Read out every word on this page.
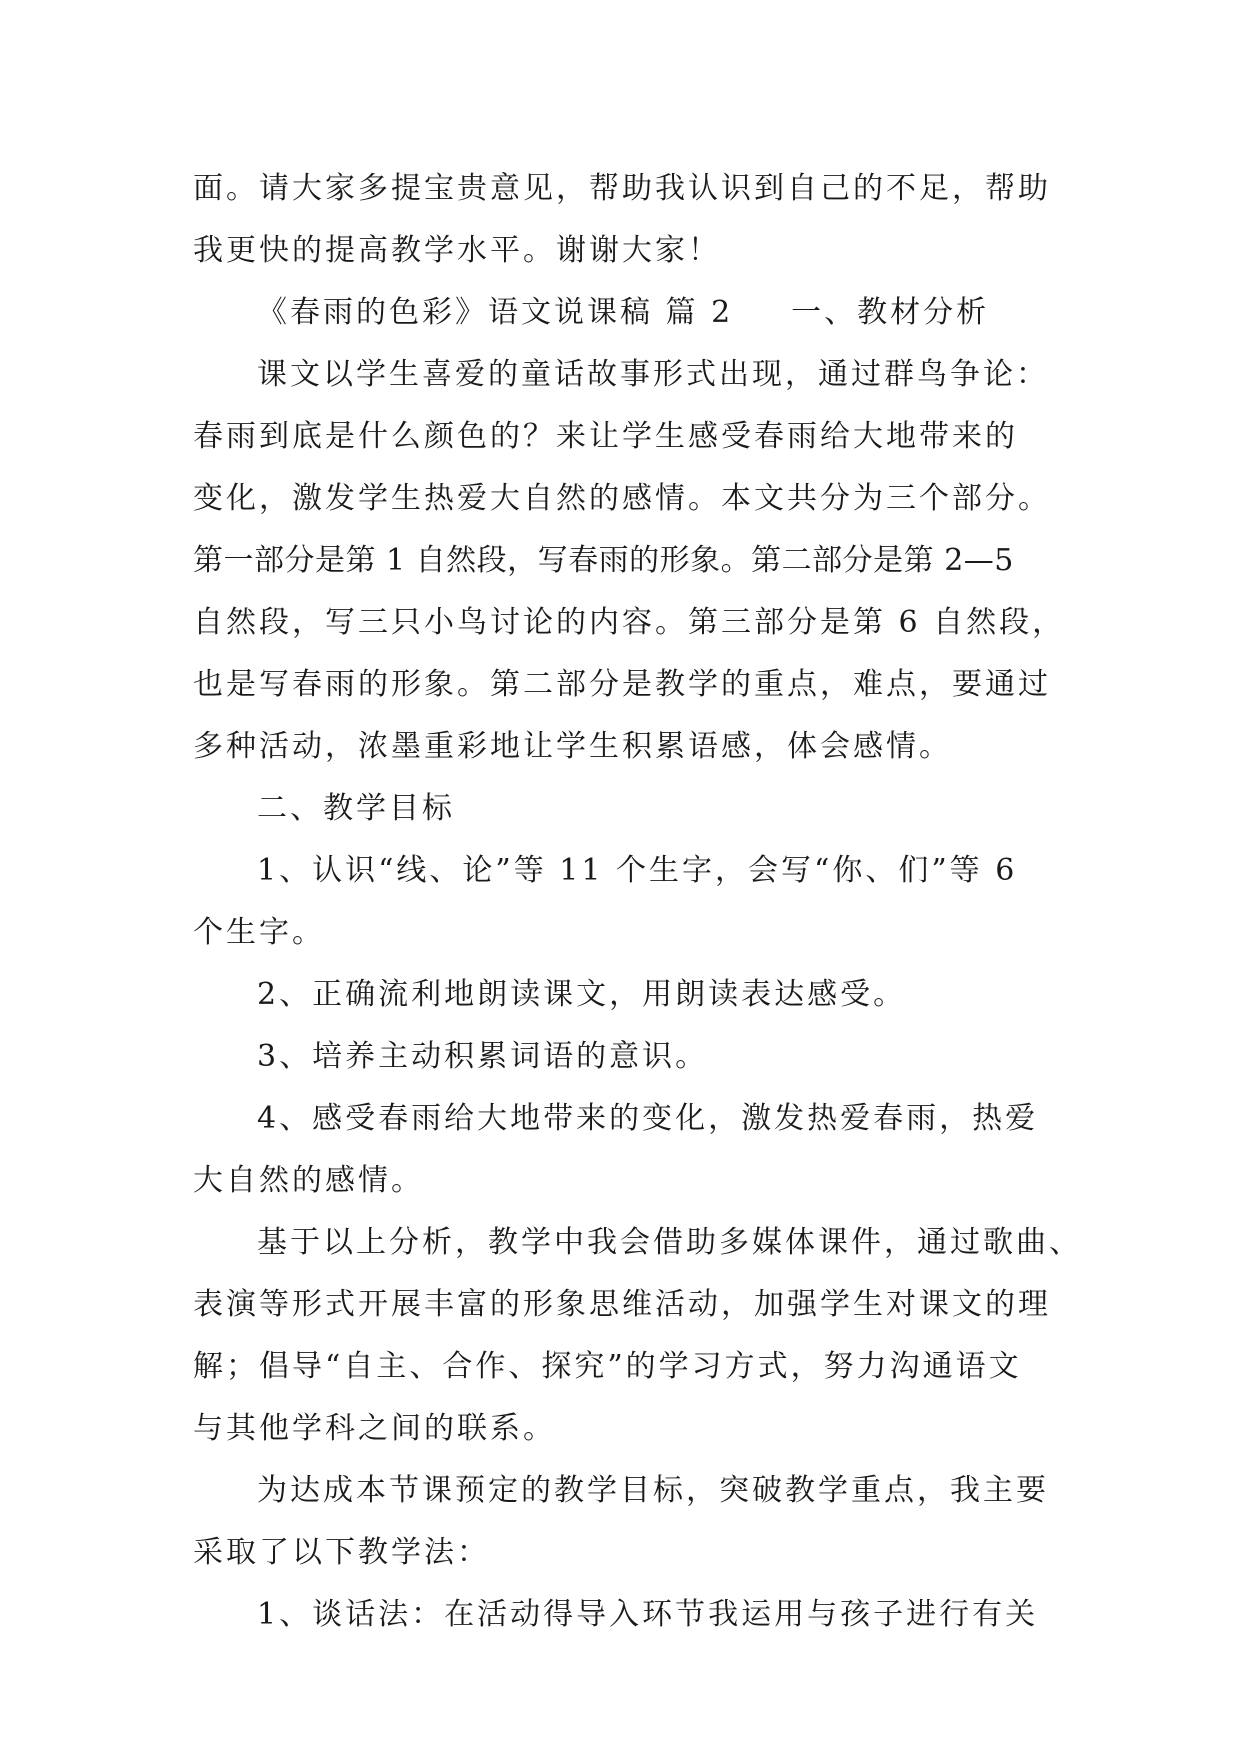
面。请大家多提宝贵意见，帮助我认识到自己的不足，帮助
我更快的提高教学水平。谢谢大家！
《春雨的色彩》语文说课稿 篇 2 一、教材分析
课文以学生喜爱的童话故事形式出现，通过群鸟争论：
春雨到底是什么颜色的？来让学生感受春雨给大地带来的
变化，激发学生热爱大自然的感情。本文共分为三个部分。
第一部分是第 1 自然段，写春雨的形象。第二部分是第 2—5
自然段，写三只小鸟讨论的内容。第三部分是第 6 自然段，
也是写春雨的形象。第二部分是教学的重点，难点，要通过
多种活动，浓墨重彩地让学生积累语感，体会感情。
二、教学目标
1、认识“线、论”等 11 个生字，会写“你、们”等 6
个生字。
2、正确流利地朗读课文，用朗读表达感受。
3、培养主动积累词语的意识。
4、感受春雨给大地带来的变化，激发热爱春雨，热爱
大自然的感情。
基于以上分析，教学中我会借助多媒体课件，通过歌曲、
表演等形式开展丰富的形象思维活动，加强学生对课文的理
解；倡导“自主、合作、探究”的学习方式，努力沟通语文
与其他学科之间的联系。
为达成本节课预定的教学目标，突破教学重点，我主要
采取了以下教学法：
1、谈话法：在活动得导入环节我运用与孩子进行有关
